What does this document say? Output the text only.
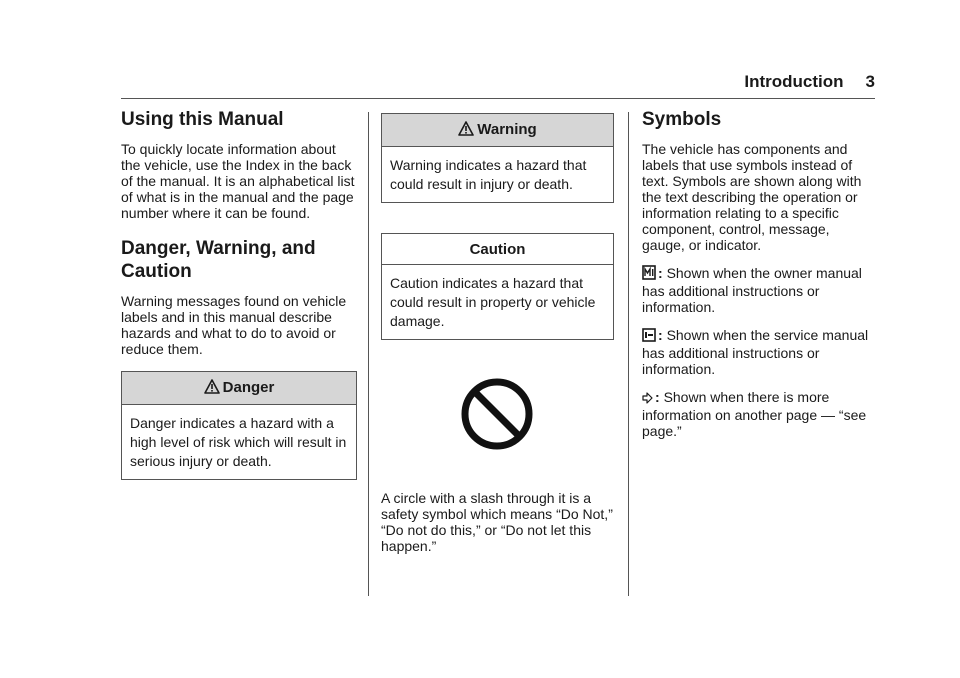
Introduction 3
Using this Manual

To quickly locate information about the vehicle, use the Index in the back of the manual. It is an alphabetical list of what is in the manual and the page number where it can be found.

Danger, Warning, and Caution

Warning messages found on vehicle labels and in this manual describe hazards and what to do to avoid or reduce them.

Danger
Danger indicates a hazard with a high level of risk which will result in serious injury or death.
Warning
Warning indicates a hazard that could result in injury or death.
Caution
Caution indicates a hazard that could result in property or vehicle damage.

A circle with a slash through it is a safety symbol which means “Do Not,” “Do not do this,” or “Do not let this happen.”

Symbols

The vehicle has components and labels that use symbols instead of text. Symbols are shown along with the text describing the operation or information relating to a specific component, control, message, gauge, or indicator.

: Shown when the owner manual has additional instructions or information.

: Shown when the service manual has additional instructions or information.

: Shown when there is more information on another page — “see page.”
